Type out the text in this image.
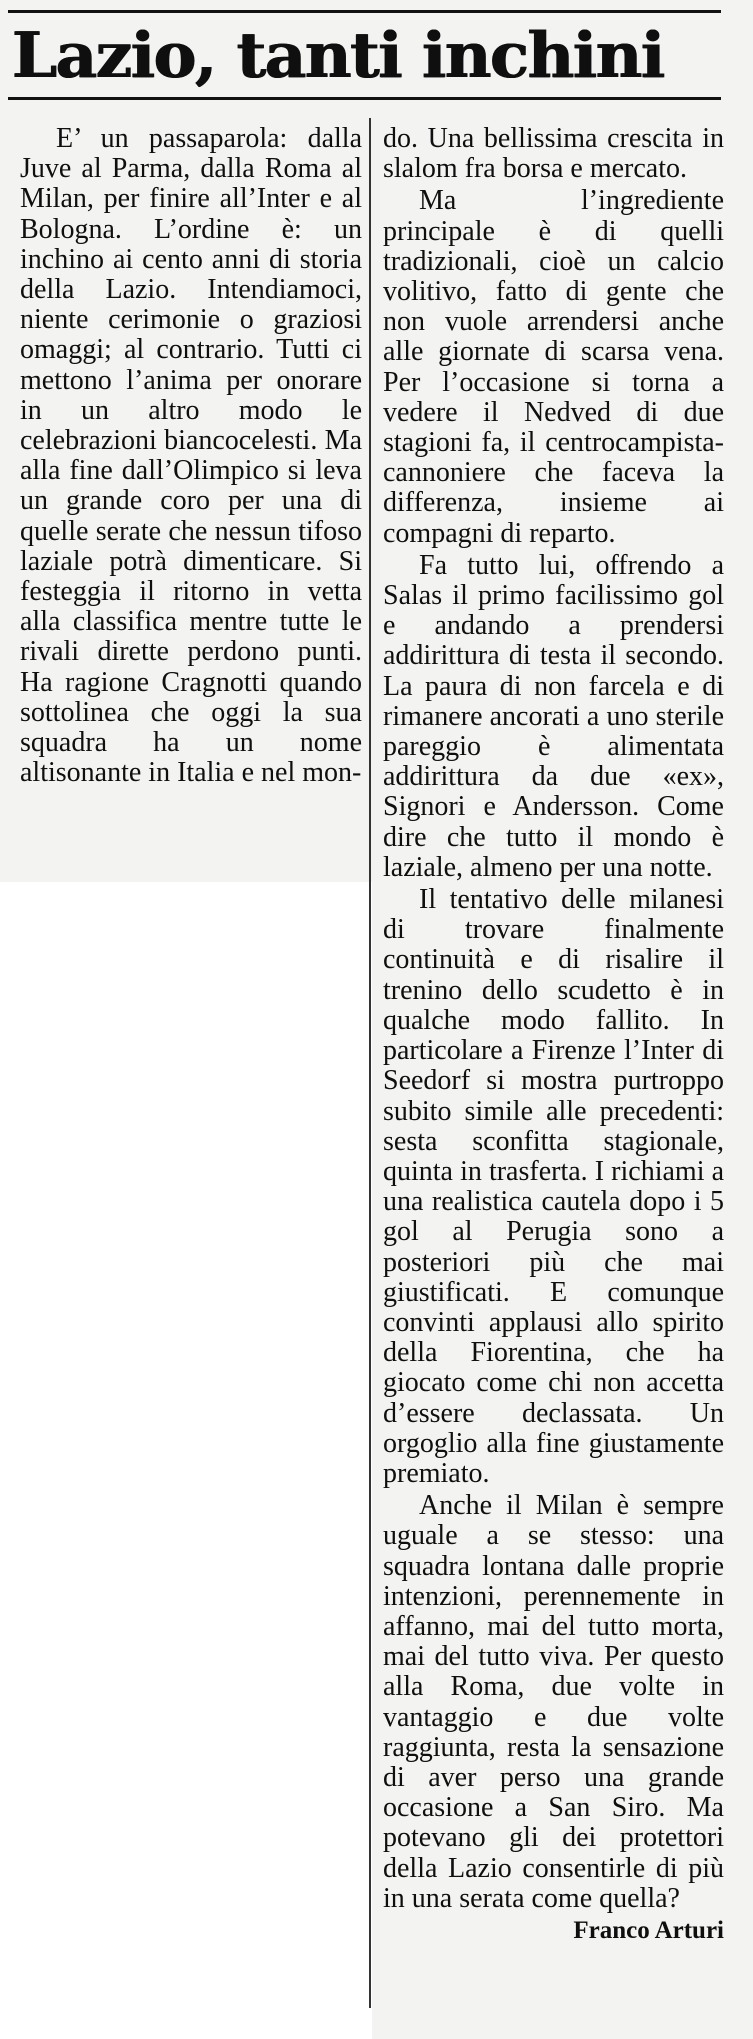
Lazio, tanti inchini

E’ un passaparola: dalla Juve al Parma, dalla Roma al Milan, per finire all’Inter e al Bologna. L’ordine è: un inchino ai cento anni di storia della Lazio. Intendiamoci, niente cerimonie o graziosi omaggi; al contrario. Tutti ci mettono l’anima per onorare in un altro modo le celebrazioni biancocelesti. Ma alla fine dall’Olimpico si leva un grande coro per una di quelle serate che nessun tifoso laziale potrà dimenticare. Si festeggia il ritorno in vetta alla classifica mentre tutte le rivali dirette perdono punti. Ha ragione Cragnotti quando sottolinea che oggi la sua squadra ha un nome altisonante in Italia e nel mon-

do. Una bellissima crescita in slalom fra borsa e mercato.

Ma l’ingrediente principale è di quelli tradizionali, cioè un calcio volitivo, fatto di gente che non vuole arrendersi anche alle giornate di scarsa vena. Per l’occasione si torna a vedere il Nedved di due stagioni fa, il centrocampista-cannoniere che faceva la differenza, insieme ai compagni di reparto.

Fa tutto lui, offrendo a Salas il primo facilissimo gol e andando a prendersi addirittura di testa il secondo. La paura di non farcela e di rimanere ancorati a uno sterile pareggio è alimentata addirittura da due «ex», Signori e Andersson. Come dire che tutto il mondo è laziale, almeno per una notte.

Il tentativo delle milanesi di trovare finalmente continuità e di risalire il trenino dello scudetto è in qualche modo fallito. In particolare a Firenze l’Inter di Seedorf si mostra purtroppo subito simile alle precedenti: sesta sconfitta stagionale, quinta in trasferta. I richiami a una realistica cautela dopo i 5 gol al Perugia sono a posteriori più che mai giustificati. E comunque convinti applausi allo spirito della Fiorentina, che ha giocato come chi non accetta d’essere declassata. Un orgoglio alla fine giustamente premiato.

Anche il Milan è sempre uguale a se stesso: una squadra lontana dalle proprie intenzioni, perennemente in affanno, mai del tutto morta, mai del tutto viva. Per questo alla Roma, due volte in vantaggio e due volte raggiunta, resta la sensazione di aver perso una grande occasione a San Siro. Ma potevano gli dei protettori della Lazio consentirle di più in una serata come quella?

Franco Arturi
